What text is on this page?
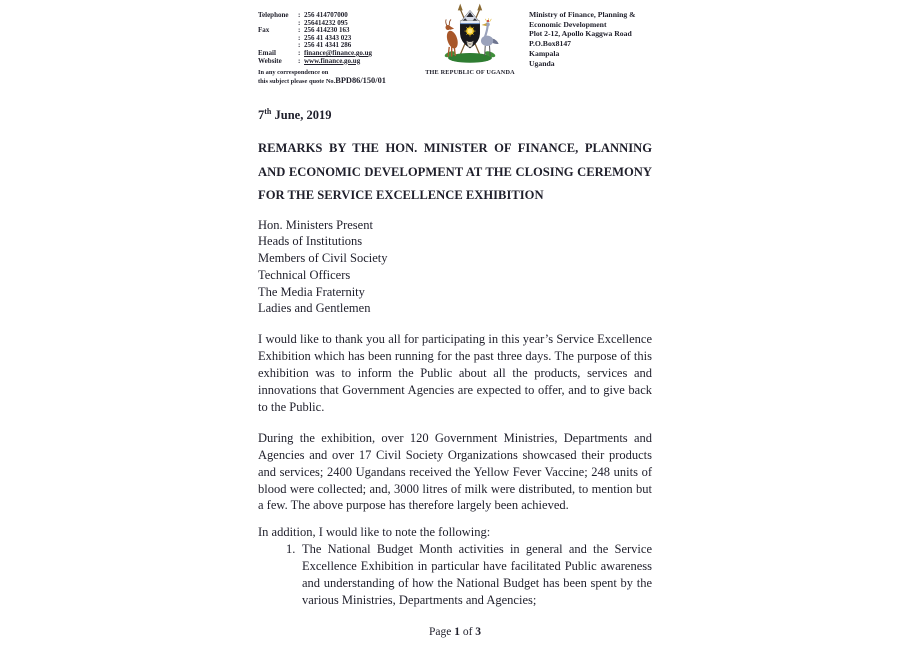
Telephone : 256 414707000
: 256414232 095
Fax	: 256 414230 163
: 256 41 4343 023
: 256 41 4341 286
Email	: finance@finance.go.ug
Website : www.finance.go.ug
In any correspondence on
this subject please quote No.BPD86/150/01
THE REPUBLIC OF UGANDA
Ministry of Finance, Planning &
Economic Development
Plot 2-12, Apollo Kaggwa Road
P.O.Box8147
Kampala
Uganda
7th June, 2019
REMARKS BY THE HON. MINISTER OF FINANCE, PLANNING AND ECONOMIC DEVELOPMENT AT THE CLOSING CEREMONY FOR THE SERVICE EXCELLENCE EXHIBITION
Hon. Ministers Present
Heads of Institutions
Members of Civil Society
Technical Officers
The Media Fraternity
Ladies and Gentlemen
I would like to thank you all for participating in this year’s Service Excellence Exhibition which has been running for the past three days. The purpose of this exhibition was to inform the Public about all the products, services and innovations that Government Agencies are expected to offer, and to give back to the Public.
During the exhibition, over 120 Government Ministries, Departments and Agencies and over 17 Civil Society Organizations showcased their products and services; 2400 Ugandans received the Yellow Fever Vaccine; 248 units of blood were collected; and, 3000 litres of milk were distributed, to mention but a few. The above purpose has therefore largely been achieved.
In addition, I would like to note the following:
1. The National Budget Month activities in general and the Service Excellence Exhibition in particular have facilitated Public awareness and understanding of how the National Budget has been spent by the various Ministries, Departments and Agencies;
Page 1 of 3
